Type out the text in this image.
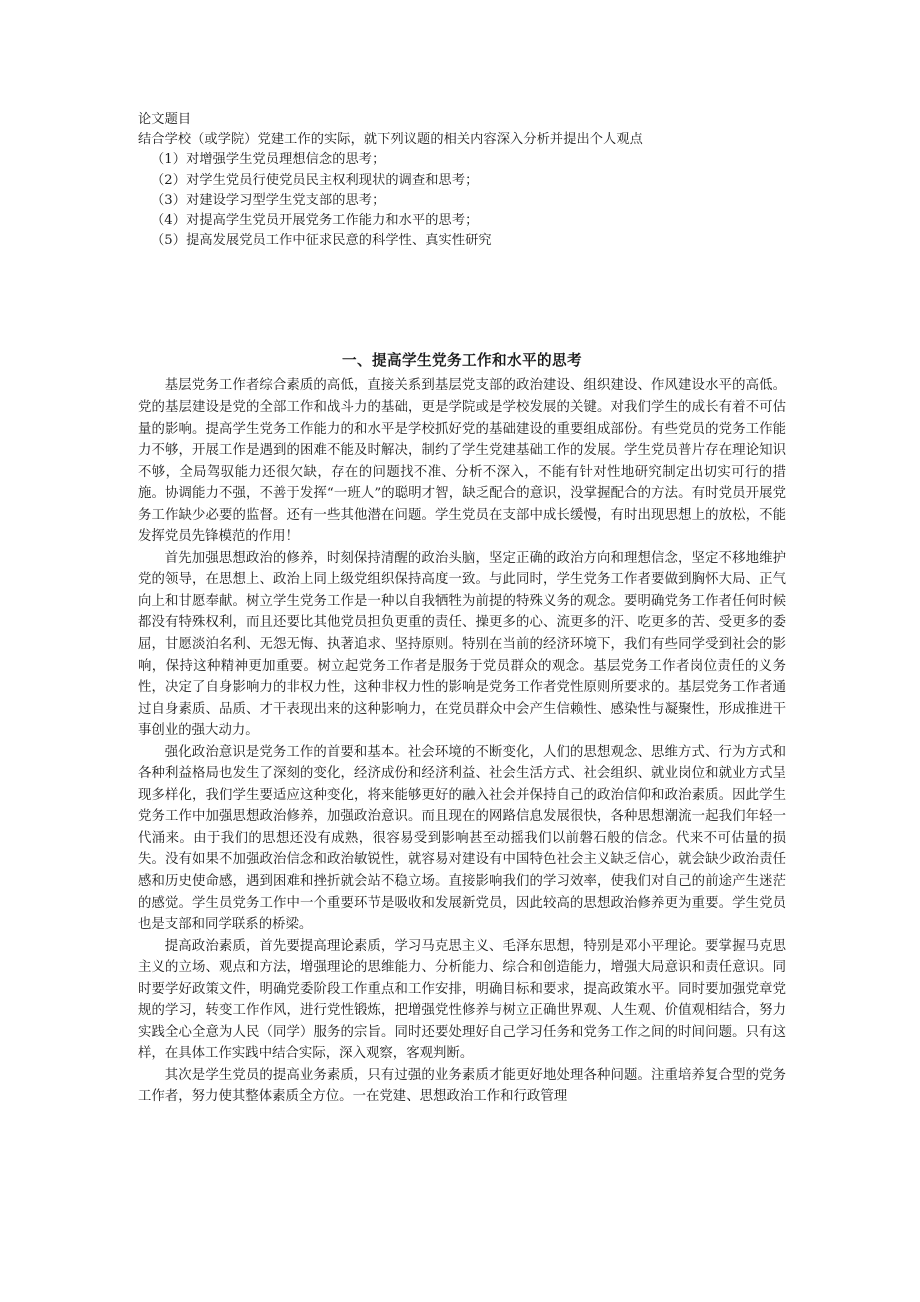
论文题目
结合学校（或学院）党建工作的实际，就下列议题的相关内容深入分析并提出个人观点
（1）对增强学生党员理想信念的思考；
（2）对学生党员行使党员民主权利现状的调查和思考；
（3）对建设学习型学生党支部的思考；
（4）对提高学生党员开展党务工作能力和水平的思考；
（5）提高发展党员工作中征求民意的科学性、真实性研究
一、提高学生党务工作和水平的思考

基层党务工作者综合素质的高低，直接关系到基层党支部的政治建设、组织建设、作风建设水平的高低。党的基层建设是党的全部工作和战斗力的基础，更是学院或是学校发展的关键。对我们学生的成长有着不可估量的影响。提高学生党务工作能力的和水平是学校抓好党的基础建设的重要组成部份。有些党员的党务工作能力不够，开展工作是遇到的困难不能及时解决，制约了学生党建基础工作的发展。学生党员普片存在理论知识不够，全局驾驭能力还很欠缺，存在的问题找不准、分析不深入，不能有针对性地研究制定出切实可行的措施。协调能力不强，不善于发挥“一班人”的聪明才智，缺乏配合的意识，没掌握配合的方法。有时党员开展党务工作缺少必要的监督。还有一些其他潜在问题。学生党员在支部中成长缓慢，有时出现思想上的放松，不能发挥党员先锋模范的作用！

首先加强思想政治的修养，时刻保持清醒的政治头脑，坚定正确的政治方向和理想信念，坚定不移地维护党的领导，在思想上、政治上同上级党组织保持高度一致。与此同时，学生党务工作者要做到胸怀大局、正气向上和甘愿奉献。树立学生党务工作是一种以自我牺牲为前提的特殊义务的观念。要明确党务工作者任何时候都没有特殊权利，而且还要比其他党员担负更重的责任、操更多的心、流更多的汗、吃更多的苦、受更多的委屈，甘愿淡泊名利、无怨无悔、执著追求、坚持原则。特别在当前的经济环境下，我们有些同学受到社会的影响，保持这种精神更加重要。树立起党务工作者是服务于党员群众的观念。基层党务工作者岗位责任的义务性，决定了自身影响力的非权力性，这种非权力性的影响是党务工作者党性原则所要求的。基层党务工作者通过自身素质、品质、才干表现出来的这种影响力，在党员群众中会产生信赖性、感染性与凝聚性，形成推进干事创业的强大动力。

强化政治意识是党务工作的首要和基本。社会环境的不断变化，人们的思想观念、思维方式、行为方式和各种利益格局也发生了深刻的变化，经济成份和经济利益、社会生活方式、社会组织、就业岗位和就业方式呈现多样化，我们学生要适应这种变化，将来能够更好的融入社会并保持自己的政治信仰和政治素质。因此学生党务工作中加强思想政治修养，加强政治意识。而且现在的网路信息发展很快，各种思想潮流一起我们年轻一代涌来。由于我们的思想还没有成熟，很容易受到影响甚至动摇我们以前磐石般的信念。代来不可估量的损失。没有如果不加强政治信念和政治敏锐性，就容易对建设有中国特色社会主义缺乏信心，就会缺少政治责任感和历史使命感，遇到困难和挫折就会站不稳立场。直接影响我们的学习效率，使我们对自己的前途产生迷茫的感觉。学生员党务工作中一个重要环节是吸收和发展新党员，因此较高的思想政治修养更为重要。学生党员也是支部和同学联系的桥梁。

提高政治素质，首先要提高理论素质，学习马克思主义、毛泽东思想，特别是邓小平理论。要掌握马克思主义的立场、观点和方法，增强理论的思维能力、分析能力、综合和创造能力，增强大局意识和责任意识。同时要学好政策文件，明确党委阶段工作重点和工作安排，明确目标和要求，提高政策水平。同时要加强党章党规的学习，转变工作作风，进行党性锻炼，把增强党性修养与树立正确世界观、人生观、价值观相结合，努力实践全心全意为人民（同学）服务的宗旨。同时还要处理好自己学习任务和党务工作之间的时间问题。只有这样，在具体工作实践中结合实际，深入观察，客观判断。

其次是学生党员的提高业务素质，只有过强的业务素质才能更好地处理各种问题。注重培养复合型的党务工作者，努力使其整体素质全方位。一在党建、思想政治工作和行政管理
